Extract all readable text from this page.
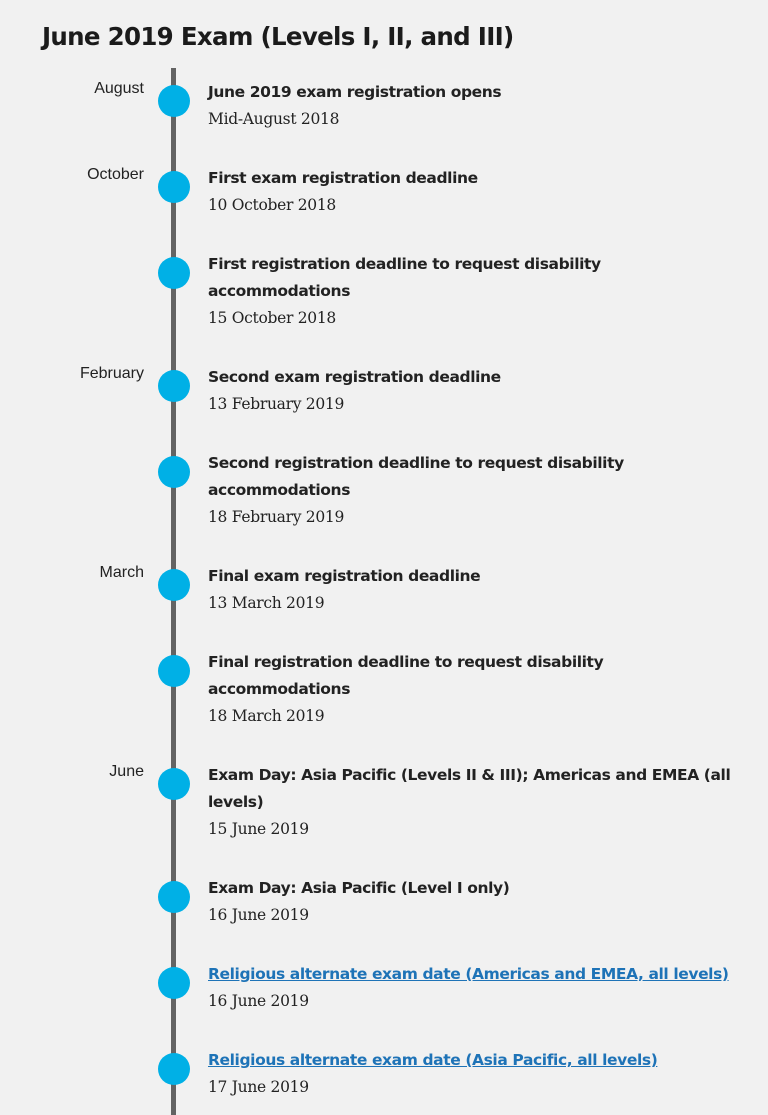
June 2019 Exam (Levels I, II, and III)
August	June 2019 exam registration opens
Mid-August 2018
October	First exam registration deadline
10 October 2018
First registration deadline to request disability accommodations
15 October 2018
February	Second exam registration deadline
13 February 2019
Second registration deadline to request disability accommodations
18 February 2019
March	Final exam registration deadline
13 March 2019
Final registration deadline to request disability accommodations
18 March 2019
June	Exam Day: Asia Pacific (Levels II & III); Americas and EMEA (all levels)
15 June 2019
Exam Day: Asia Pacific (Level I only)
16 June 2019
Religious alternate exam date (Americas and EMEA, all levels)
16 June 2019
Religious alternate exam date (Asia Pacific, all levels)
17 June 2019
